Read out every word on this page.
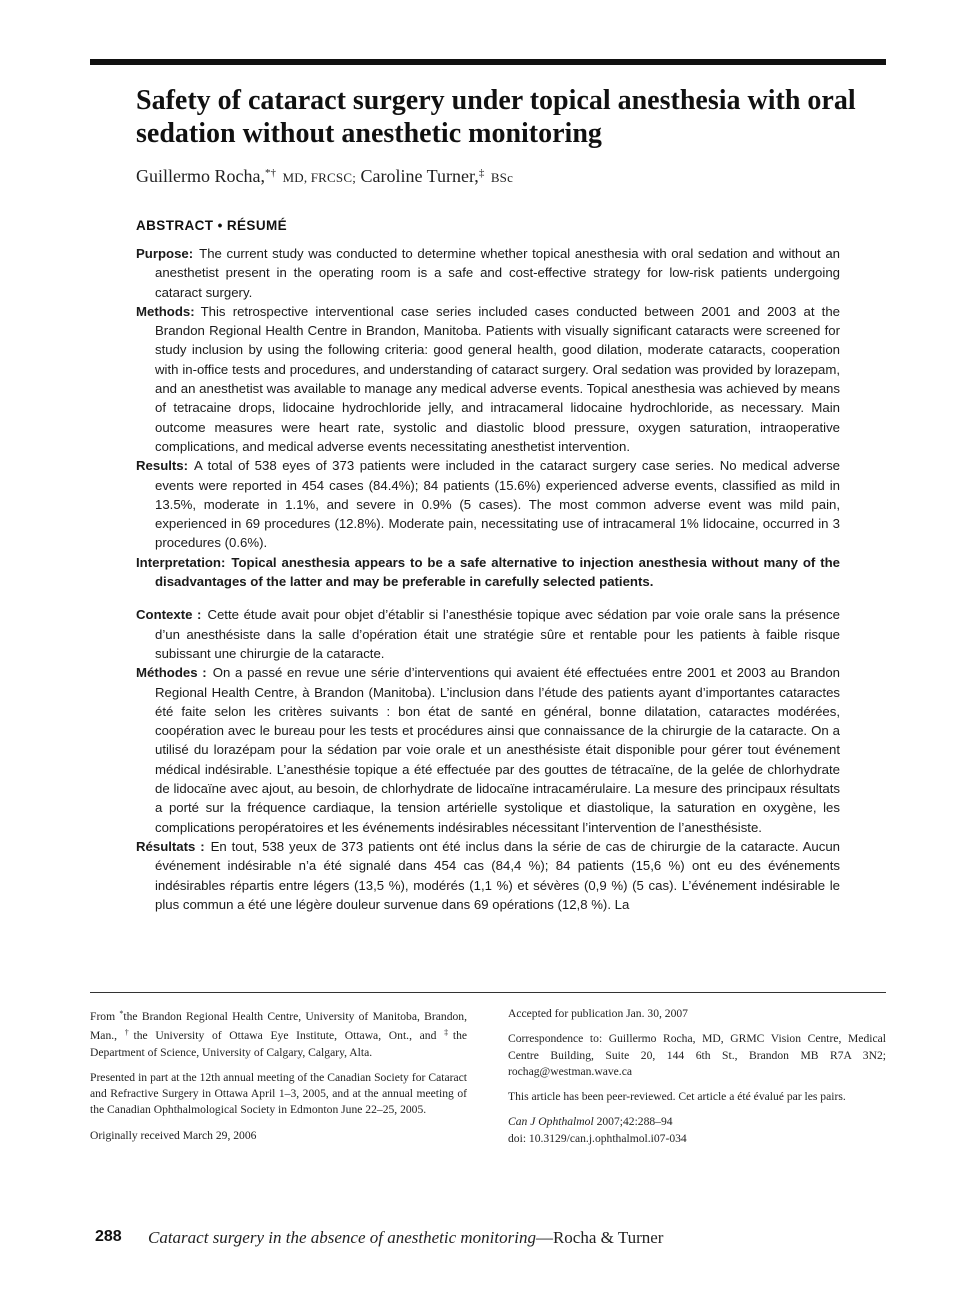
Safety of cataract surgery under topical anesthesia with oral sedation without anesthetic monitoring
Guillermo Rocha,*† MD, FRCSC; Caroline Turner,‡ BSc
ABSTRACT • RÉSUMÉ

Purpose: The current study was conducted to determine whether topical anesthesia with oral sedation and without an anesthetist present in the operating room is a safe and cost-effective strategy for low-risk patients undergoing cataract surgery.

Methods: This retrospective interventional case series included cases conducted between 2001 and 2003 at the Brandon Regional Health Centre in Brandon, Manitoba. Patients with visually significant cataracts were screened for study inclusion by using the following criteria: good general health, good dilation, moderate cataracts, cooperation with in-office tests and procedures, and understanding of cataract surgery. Oral sedation was provided by lorazepam, and an anesthetist was available to manage any medical adverse events. Topical anesthesia was achieved by means of tetracaine drops, lidocaine hydrochloride jelly, and intracameral lidocaine hydrochloride, as necessary. Main outcome measures were heart rate, systolic and diastolic blood pressure, oxygen saturation, intraoperative complications, and medical adverse events necessitating anesthetist intervention.

Results: A total of 538 eyes of 373 patients were included in the cataract surgery case series. No medical adverse events were reported in 454 cases (84.4%); 84 patients (15.6%) experienced adverse events, classified as mild in 13.5%, moderate in 1.1%, and severe in 0.9% (5 cases). The most common adverse event was mild pain, experienced in 69 procedures (12.8%). Moderate pain, necessitating use of intracameral 1% lidocaine, occurred in 3 procedures (0.6%).

Interpretation: Topical anesthesia appears to be a safe alternative to injection anesthesia without many of the disadvantages of the latter and may be preferable in carefully selected patients.

Contexte : Cette étude avait pour objet d’établir si l’anesthésie topique avec sédation par voie orale sans la présence d’un anesthésiste dans la salle d’opération était une stratégie sûre et rentable pour les patients à faible risque subissant une chirurgie de la cataracte.

Méthodes : On a passé en revue une série d’interventions qui avaient été effectuées entre 2001 et 2003 au Brandon Regional Health Centre, à Brandon (Manitoba). L’inclusion dans l’étude des patients ayant d’importantes cataractes été faite selon les critères suivants : bon état de santé en général, bonne dilatation, cataractes modérées, coopération avec le bureau pour les tests et procédures ainsi que connaissance de la chirurgie de la cataracte. On a utilisé du lorazépam pour la sédation par voie orale et un anesthésiste était disponible pour gérer tout événement médical indésirable. L’anesthésie topique a été effectuée par des gouttes de tétracaïne, de la gelée de chlorhydrate de lidocaïne avec ajout, au besoin, de chlorhydrate de lidocaïne intracamérulaire. La mesure des principaux résultats a porté sur la fréquence cardiaque, la tension artérielle systolique et diastolique, la saturation en oxygène, les complications peropératoires et les événements indésirables nécessitant l’intervention de l’anesthésiste.

Résultats : En tout, 538 yeux de 373 patients ont été inclus dans la série de cas de chirurgie de la cataracte. Aucun événement indésirable n’a été signalé dans 454 cas (84,4 %); 84 patients (15,6 %) ont eu des événements indésirables répartis entre légers (13,5 %), modérés (1,1 %) et sévères (0,9 %) (5 cas). L’événement indésirable le plus commun a été une légère douleur survenue dans 69 opérations (12,8 %). La

From *the Brandon Regional Health Centre, University of Manitoba, Brandon, Man., †the University of Ottawa Eye Institute, Ottawa, Ont., and ‡the Department of Science, University of Calgary, Calgary, Alta.

Presented in part at the 12th annual meeting of the Canadian Society for Cataract and Refractive Surgery in Ottawa April 1–3, 2005, and at the annual meeting of the Canadian Ophthalmological Society in Edmonton June 22–25, 2005.

Originally received March 29, 2006

Accepted for publication Jan. 30, 2007

Correspondence to: Guillermo Rocha, MD, GRMC Vision Centre, Medical Centre Building, Suite 20, 144 6th St., Brandon MB R7A 3N2; rochag@westman.wave.ca

This article has been peer-reviewed. Cet article a été évalué par les pairs.

Can J Ophthalmol 2007;42:288–94

doi: 10.3129/can.j.ophthalmol.i07-034

288 Cataract surgery in the absence of anesthetic monitoring—Rocha & Turner
